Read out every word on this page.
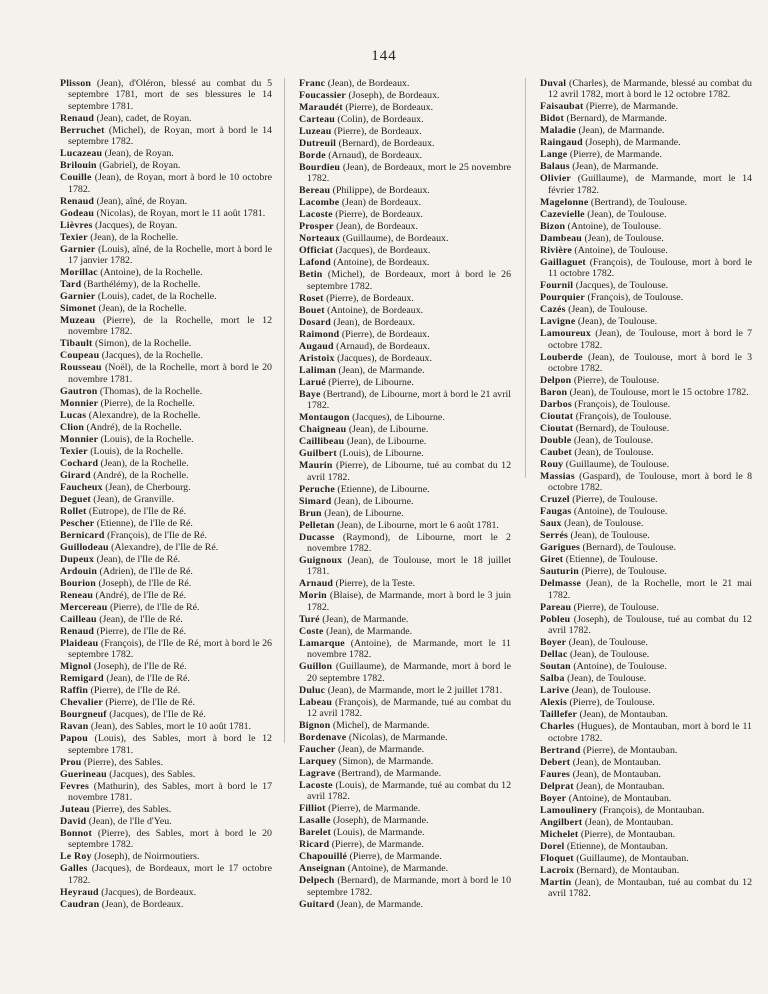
144

Plisson (Jean), d'Oléron, blessé au combat du 5 septembre 1781, mort de ses blessures le 14 septembre 1781.

Renaud (Jean), cadet, de Royan.

Berruchet (Michel), de Royan, mort à bord le 14 septembre 1782.

Lucazeau (Jean), de Royan.

Brilouin (Gabriel), de Royan.

Couille (Jean), de Royan, mort à bord le 10 octobre 1782.

Renaud (Jean), aîné, de Royan.

Godeau (Nicolas), de Royan, mort le 11 août 1781.

Lièvres (Jacques), de Royan.

Texier (Jean), de la Rochelle.

Garnier (Louis), aîné, de la Rochelle, mort à bord le 17 janvier 1782.

Morillac (Antoine), de la Rochelle.

Tard (Barthélémy), de la Rochelle.

Garnier (Louis), cadet, de la Rochelle.

Simonet (Jean), de la Rochelle.

Muzeau (Pierre), de la Rochelle, mort le 12 novembre 1782.

Tibault (Simon), de la Rochelle.

Coupeau (Jacques), de la Rochelle.

Rousseau (Noël), de la Rochelle, mort à bord le 20 novembre 1781.

Gautron (Thomas), de la Rochelle.

Monnier (Pierre), de la Rochelle.

Lucas (Alexandre), de la Rochelle.

Clion (André), de la Rochelle.

Monnier (Louis), de la Rochelle.

Texier (Louis), de la Rochelle.

Cochard (Jean), de la Rochelle.

Girard (André), de la Rochelle.

Faucheux (Jean), de Cherbourg.

Deguet (Jean), de Granville.

Rollet (Eutrope), de l'Ile de Ré.

Pescher (Etienne), de l'Ile de Ré.

Bernicard (François), de l'Ile de Ré.

Guillodeau (Alexandre), de l'Ile de Ré.

Dupeux (Jean), de l'Ile de Ré.

Ardouin (Adrien), de l'Ile de Ré.

Bourion (Joseph), de l'Ile de Ré.

Reneau (André), de l'Ile de Ré.

Mercereau (Pierre), de l'Ile de Ré.

Cailleau (Jean), de l'Ile de Ré.

Renaud (Pierre), de l'Ile de Ré.

Plaideau (François), de l'Ile de Ré, mort à bord le 26 septembre 1782.

Mignol (Joseph), de l'Ile de Ré.

Remigard (Jean), de l'Ile de Ré.

Raffin (Pierre), de l'Ile de Ré.

Chevalier (Pierre), de l'Ile de Ré.

Bourgneuf (Jacques), de l'Ile de Ré.

Ravan (Jean), des Sables, mort le 10 août 1781.

Papou (Louis), des Sables, mort à bord le 12 septembre 1781.

Prou (Pierre), des Sables.

Guerineau (Jacques), des Sables.

Fevres (Mathurin), des Sables, mort à bord le 17 novembre 1781.

Juteau (Pierre), des Sables.

David (Jean), de l'Ile d'Yeu.

Bonnot (Pierre), des Sables, mort à bord le 20 septembre 1782.

Le Roy (Joseph), de Noirmoutiers.

Galles (Jacques), de Bordeaux, mort le 17 octobre 1782.

Heyraud (Jacques), de Bordeaux.

Caudran (Jean), de Bordeaux.

Franc (Jean), de Bordeaux.

Foucassier (Joseph), de Bordeaux.

Maraudét (Pierre), de Bordeaux.

Carteau (Colin), de Bordeaux.

Luzeau (Pierre), de Bordeaux.

Dutreuil (Bernard), de Bordeaux.

Borde (Arnaud), de Bordeaux.

Bourdieu (Jean), de Bordeaux, mort le 25 novembre 1782.

Bereau (Philippe), de Bordeaux.

Lacombe (Jean) de Bordeaux.

Lacoste (Pierre), de Bordeaux.

Prosper (Jean), de Bordeaux.

Norteaux (Guillaume), de Bordeaux.

Officiat (Jacques), de Bordeaux.

Lafond (Antoine), de Bordeaux.

Betin (Michel), de Bordeaux, mort à bord le 26 septembre 1782.

Roset (Pierre), de Bordeaux.

Bouet (Antoine), de Bordeaux.

Dosard (Jean), de Bordeaux.

Raimond (Pierre), de Bordeaux.

Augaud (Arnaud), de Bordeaux.

Aristoix (Jacques), de Bordeaux.

Laliman (Jean), de Marmande.

Larué (Pierre), de Libourne.

Baye (Bertrand), de Libourne, mort à bord le 21 avril 1782.

Montaugon (Jacques), de Libourne.

Chaigneau (Jean), de Libourne.

Caillibeau (Jean), de Libourne.

Guilbert (Louis), de Libourne.

Maurin (Pierre), de Libourne, tué au combat du 12 avril 1782.

Peruche (Etienne), de Libourne.

Simard (Jean), de Libourne.

Brun (Jean), de Libourne.

Pelletan (Jean), de Libourne, mort le 6 août 1781.

Ducasse (Raymond), de Libourne, mort le 2 novembre 1782.

Guignoux (Jean), de Toulouse, mort le 18 juillet 1781.

Arnaud (Pierre), de la Teste.

Morin (Blaise), de Marmande, mort à bord le 3 juin 1782.

Turé (Jean), de Marmande.

Coste (Jean), de Marmande.

Lamarque (Antoine), de Marmande, mort le 11 novembre 1782.

Guillon (Guillaume), de Marmande, mort à bord le 20 septembre 1782.

Duluc (Jean), de Marmande, mort le 2 juillet 1781.

Labeau (François), de Marmande, tué au combat du 12 avril 1782.

Bignon (Michel), de Marmande.

Bordenave (Nicolas), de Marmande.

Faucher (Jean), de Marmande.

Larquey (Simon), de Marmande.

Lagrave (Bertrand), de Marmande.

Lacoste (Louis), de Marmande, tué au combat du 12 avril 1782.

Filliot (Pierre), de Marmande.

Lasalle (Joseph), de Marmande.

Barelet (Louis), de Marmande.

Ricard (Pierre), de Marmande.

Chapouillé (Pierre), de Marmande.

Anseignan (Antoine), de Marmande.

Delpech (Bernard), de Marmande, mort à bord le 10 septembre 1782.

Guitard (Jean), de Marmande.

Duval (Charles), de Marmande, blessé au combat du 12 avril 1782, mort à bord le 12 octobre 1782.

Faisaubat (Pierre), de Marmande.

Bidot (Bernard), de Marmande.

Maladie (Jean), de Marmande.

Raingaud (Joseph), de Marmande.

Lange (Pierre), de Marmande.

Balaus (Jean), de Marmande.

Olivier (Guillaume), de Marmande, mort le 14 février 1782.

Magelonne (Bertrand), de Toulouse.

Cazevielle (Jean), de Toulouse.

Bizon (Antoine), de Toulouse.

Dambeau (Jean), de Toulouse.

Rivière (Antoine), de Toulouse.

Gaillaguet (François), de Toulouse, mort à bord le 11 octobre 1782.

Fournil (Jacques), de Toulouse.

Pourquier (François), de Toulouse.

Cazés (Jean), de Toulouse.

Lavigne (Jean), de Toulouse.

Lamoureux (Jean), de Toulouse, mort à bord le 7 octobre 1782.

Louberde (Jean), de Toulouse, mort à bord le 3 octobre 1782.

Delpon (Pierre), de Toulouse.

Baron (Jean), de Toulouse, mort le 15 octobre 1782.

Darbos (François), de Toulouse.

Cioutat (François), de Toulouse.

Cioutat (Bernard), de Toulouse.

Double (Jean), de Toulouse.

Caubet (Jean), de Toulouse.

Rouy (Guillaume), de Toulouse.

Massias (Gaspard), de Toulouse, mort à bord le 8 octobre 1782.

Cruzel (Pierre), de Toulouse.

Faugas (Antoine), de Toulouse.

Saux (Jean), de Toulouse.

Serrés (Jean), de Toulouse.

Garigues (Bernard), de Toulouse.

Giret (Etienne), de Toulouse.

Sauturin (Pierre), de Toulouse.

Delmasse (Jean), de la Rochelle, mort le 21 mai 1782.

Pareau (Pierre), de Toulouse.

Pobleu (Joseph), de Toulouse, tué au combat du 12 avril 1782.

Boyer (Jean), de Toulouse.

Dellac (Jean), de Toulouse.

Soutan (Antoine), de Toulouse.

Salba (Jean), de Toulouse.

Larive (Jean), de Toulouse.

Alexis (Pierre), de Toulouse.

Taillefer (Jean), de Montauban.

Charles (Hugues), de Montauban, mort à bord le 11 octobre 1782.

Bertrand (Pierre), de Montauban.

Debert (Jean), de Montauban.

Faures (Jean), de Montauban.

Delprat (Jean), de Montauban.

Boyer (Antoine), de Montauban.

Lamoulinery (François), de Montauban.

Angilbert (Jean), de Montauban.

Michelet (Pierre), de Montauban.

Dorel (Etienne), de Montauban.

Floquet (Guillaume), de Montauban.

Lacroix (Bernard), de Montauban.

Martin (Jean), de Montauban, tué au combat du 12 avril 1782.
